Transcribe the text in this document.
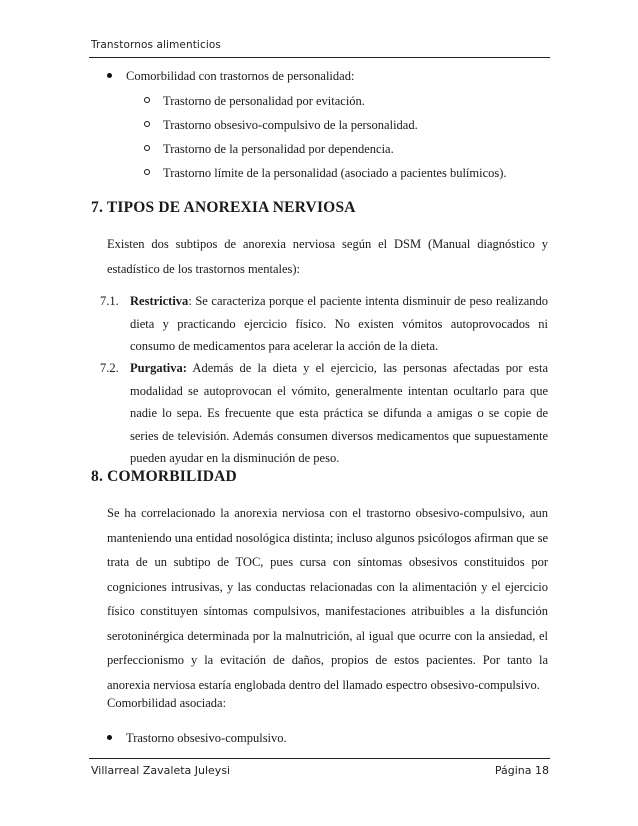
Transtornos alimenticios
Comorbilidad con trastornos de personalidad:
Trastorno de personalidad por evitación.
Trastorno obsesivo-compulsivo de la personalidad.
Trastorno de la personalidad por dependencia.
Trastorno límite de la personalidad (asociado a pacientes bulímicos).
7. TIPOS DE ANOREXIA NERVIOSA
Existen dos subtipos de anorexia nerviosa según el DSM (Manual diagnóstico y estadístico de los trastornos mentales):
7.1. Restrictiva: Se caracteriza porque el paciente intenta disminuir de peso realizando dieta y practicando ejercicio físico. No existen vómitos autoprovocados ni consumo de medicamentos para acelerar la acción de la dieta.
7.2. Purgativa: Además de la dieta y el ejercicio, las personas afectadas por esta modalidad se autoprovocan el vómito, generalmente intentan ocultarlo para que nadie lo sepa. Es frecuente que esta práctica se difunda a amigas o se copie de series de televisión. Además consumen diversos medicamentos que supuestamente pueden ayudar en la disminución de peso.
8. COMORBILIDAD
Se ha correlacionado la anorexia nerviosa con el trastorno obsesivo-compulsivo, aun manteniendo una entidad nosológica distinta; incluso algunos psicólogos afirman que se trata de un subtipo de TOC, pues cursa con síntomas obsesivos constituidos por cogniciones intrusivas, y las conductas relacionadas con la alimentación y el ejercicio físico constituyen síntomas compulsivos, manifestaciones atribuibles a la disfunción serotoninérgica determinada por la malnutrición, al igual que ocurre con la ansiedad, el perfeccionismo y la evitación de daños, propios de estos pacientes. Por tanto la anorexia nerviosa estaría englobada dentro del llamado espectro obsesivo-compulsivo.
Comorbilidad asociada:
Trastorno obsesivo-compulsivo.
Villarreal Zavaleta Juleysi	Página 18
